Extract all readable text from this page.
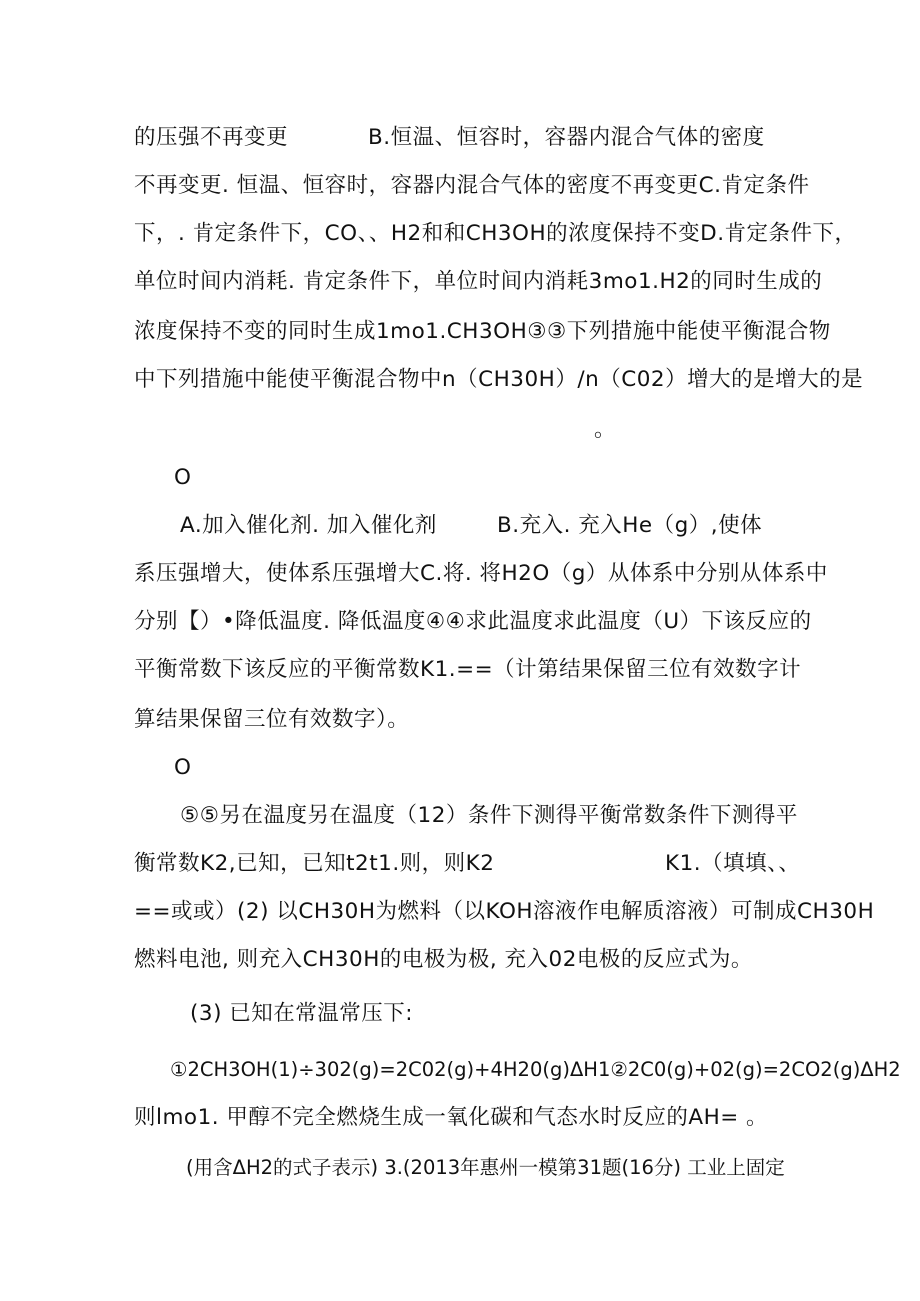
的压强不再变更	B.恒温、恒容时，容器内混合气体的密度

不再变更. 恒温、恒容时，容器内混合气体的密度不再变更C.肯定条件

下，. 肯定条件下，CO、、H2和和CH3OH的浓度保持不变D.肯定条件下，

单位时间内消耗. 肯定条件下，单位时间内消耗3mo1.H2的同时生成的

浓度保持不变的同时生成1mo1.CH3OH③③下列措施中能使平衡混合物

中下列措施中能使平衡混合物中n（CH30H）/n（C02）增大的是增大的是

。

O

A.加入催化剂. 加入催化剂	B.充入. 充入He（g）,使体

系压强增大，使体系压强增大C.将. 将H2O（g）从体系中分别从体系中

分别【）•降低温度. 降低温度④④求此温度求此温度（U）下该反应的

平衡常数下该反应的平衡常数K1.==（计第结果保留三位有效数字计

算结果保留三位有效数字）。

O

⑤⑤另在温度另在温度（12）条件下测得平衡常数条件下测得平

衡常数K2,已知，已知t2t1.则，则K2	K1.（填填、、

==或或）(2) 以CH30H为燃料（以KOH溶液作电解质溶液）可制成CH30H

燃料电池, 则充入CH30H的电极为极, 充入02电极的反应式为。

(3) 已知在常温常压下:

①2CH3OH(1)÷302(g)=2C02(g)+4H20(g)ΔH1②2C0(g)+02(g)=2CO2(g)ΔH2

则lmo1. 甲醇不完全燃烧生成一氧化碳和气态水时反应的AH= 。

(用含ΔH2的式子表示) 3.(2013年惠州一模第31题(16分) 工业上固定
